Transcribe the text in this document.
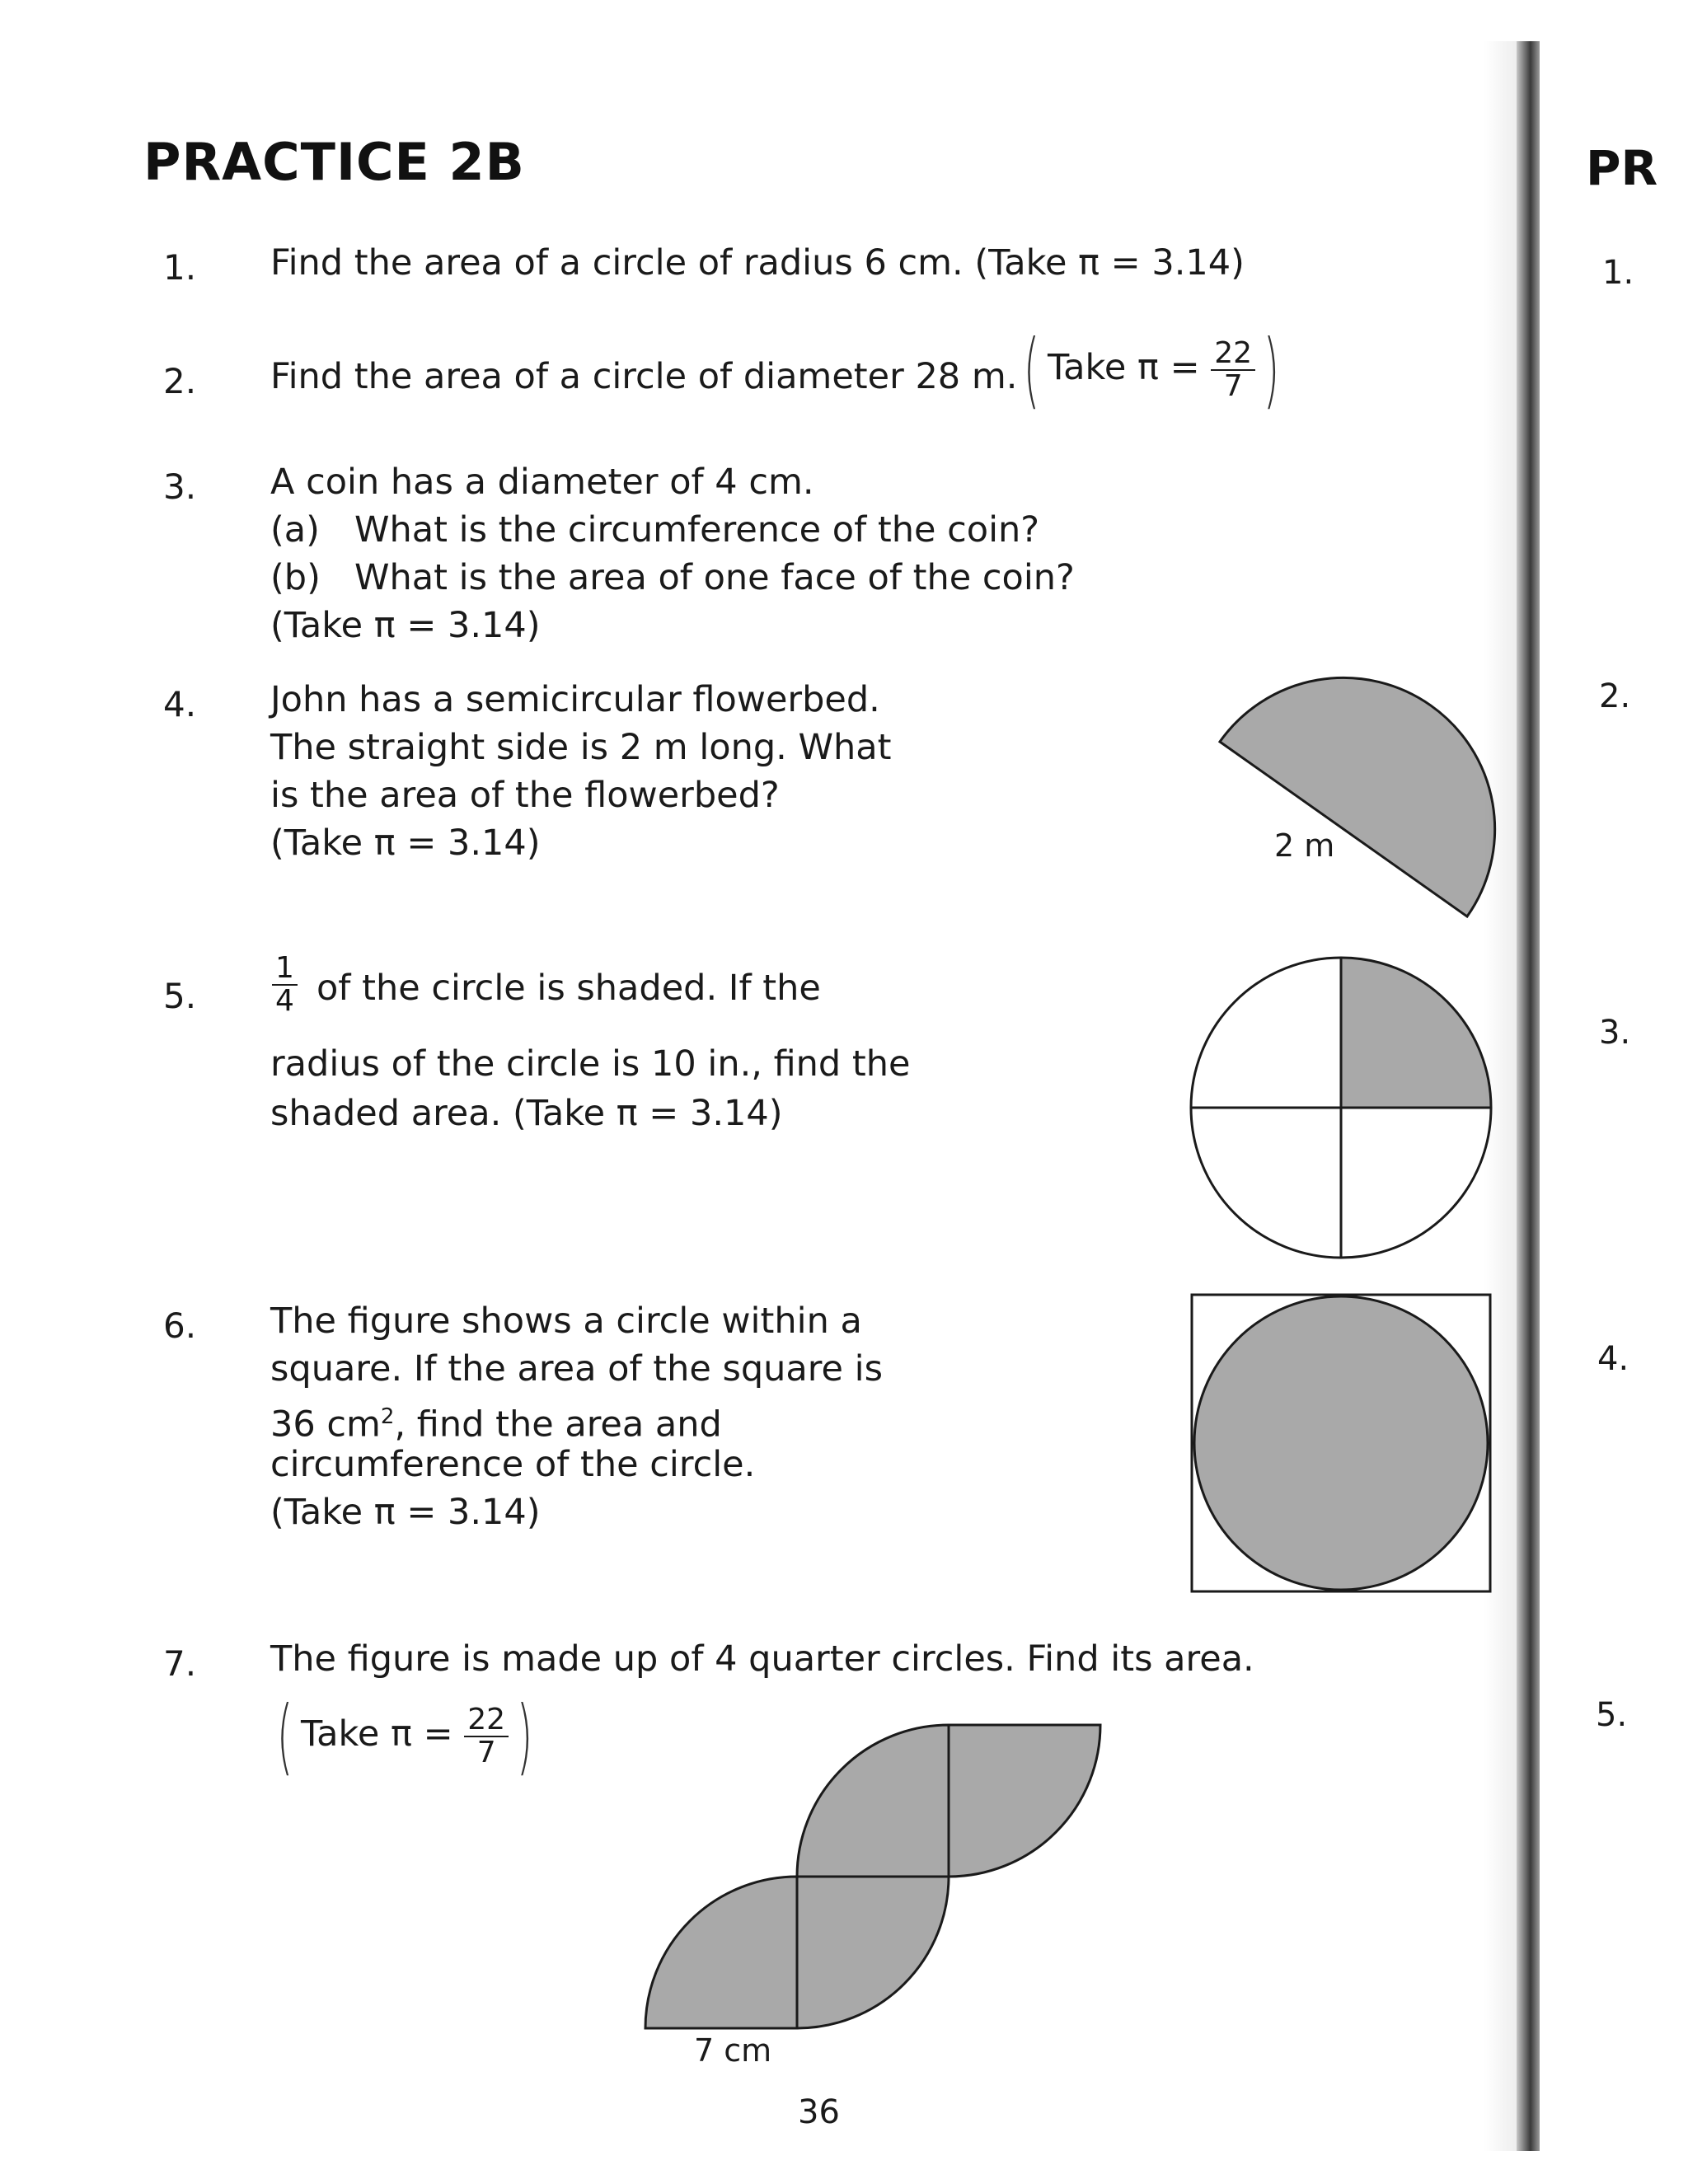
PRACTICE 2B
1. Find the area of a circle of radius 6 cm. (Take π = 3.14)
2. Find the area of a circle of diameter 28 m. ( Take $\pi = \frac{22}{7}$ )
3. A coin has a diameter of 4 cm.
(a) What is the circumference of the coin?
(b) What is the area of one face of the coin?
(Take π = 3.14)
4. John has a semicircular flowerbed.
The straight side is 2 m long. What
is the area of the flowerbed?
(Take π = 3.14)	2 m
5.	$\frac{1}{4}$ of the circle is shaded. If the
radius of the circle is 10 in., find the
shaded area. (Take π = 3.14)
6. The figure shows a circle within a
square. If the area of the square is
36 $cm^2$, find the area and
circumference of the circle.
(Take π = 3.14)
7. The figure is made up of 4 quarter circles. Find its area.
( Take $\pi = \frac{22}{7}$ )
7 cm
36
PR
1.
2.
3.
4.
5.
